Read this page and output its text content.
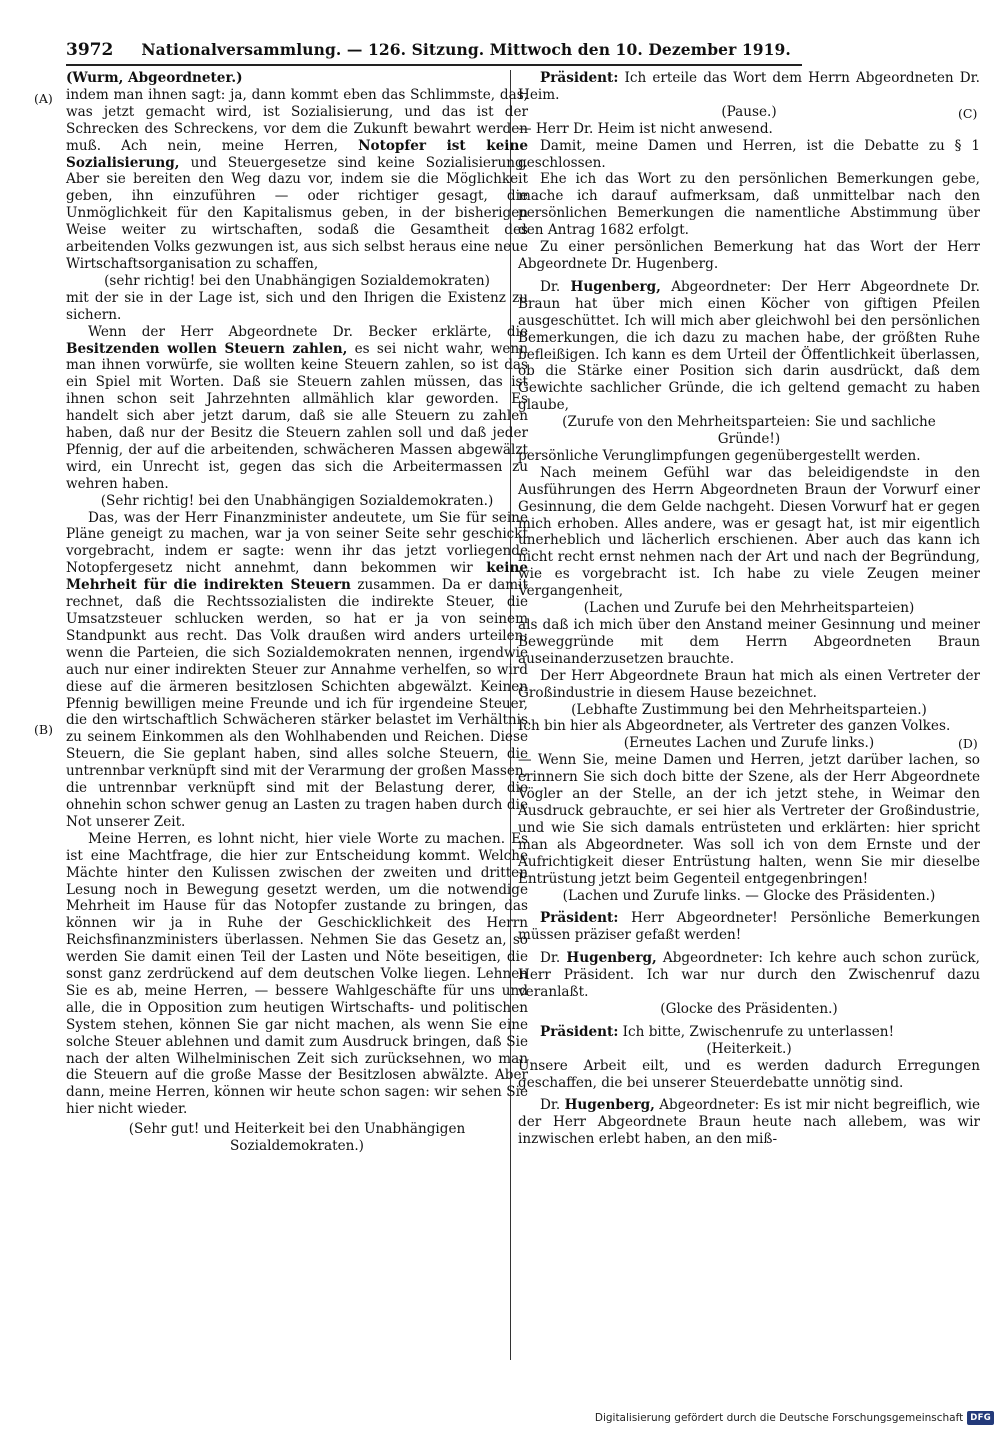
3972 Nationalversammlung. — 126. Sitzung. Mittwoch den 10. Dezember 1919.
(A)
(B)
(C)
(D)

(Wurm, Abgeordneter.)

indem man ihnen sagt: ja, dann kommt eben das Schlimmste, das, was jetzt gemacht wird, ist Sozialisierung, und das ist der Schrecken des Schreckens, vor dem die Zukunft bewahrt werden muß. Ach nein, meine Herren, Notopfer ist keine Sozialisierung, und Steuergesetze sind keine Sozialisierung. Aber sie bereiten den Weg dazu vor, indem sie die Möglichkeit geben, ihn einzuführen — oder richtiger gesagt, die Unmöglichkeit für den Kapitalismus geben, in der bisherigen Weise weiter zu wirtschaften, sodaß die Gesamtheit des arbeitenden Volks gezwungen ist, aus sich selbst heraus eine neue Wirtschaftsorganisation zu schaffen,

(sehr richtig! bei den Unabhängigen Sozialdemokraten)

mit der sie in der Lage ist, sich und den Ihrigen die Existenz zu sichern.

Wenn der Herr Abgeordnete Dr. Becker erklärte, die Besitzenden wollen Steuern zahlen, es sei nicht wahr, wenn man ihnen vorwürfe, sie wollten keine Steuern zahlen, so ist das ein Spiel mit Worten. Daß sie Steuern zahlen müssen, das ist ihnen schon seit Jahrzehnten allmählich klar geworden. Es handelt sich aber jetzt darum, daß sie alle Steuern zu zahlen haben, daß nur der Besitz die Steuern zahlen soll und daß jeder Pfennig, der auf die arbeitenden, schwächeren Massen abgewälzt wird, ein Unrecht ist, gegen das sich die Arbeitermassen zu wehren haben.

(Sehr richtig! bei den Unabhängigen Sozialdemokraten.)

Das, was der Herr Finanzminister andeutete, um Sie für seine Pläne geneigt zu machen, war ja von seiner Seite sehr geschickt vorgebracht, indem er sagte: wenn ihr das jetzt vorliegende Notopfergesetz nicht annehmt, dann bekommen wir keine Mehrheit für die indirekten Steuern zusammen. Da er damit rechnet, daß die Rechtssozialisten die indirekte Steuer, die Umsatzsteuer schlucken werden, so hat er ja von seinem Standpunkt aus recht. Das Volk draußen wird anders urteilen; wenn die Parteien, die sich Sozialdemokraten nennen, irgendwie auch nur einer indirekten Steuer zur Annahme verhelfen, so wird diese auf die ärmeren besitzlosen Schichten abgewälzt. Keinen Pfennig bewilligen meine Freunde und ich für irgendeine Steuer, die den wirtschaftlich Schwächeren stärker belastet im Verhältnis zu seinem Einkommen als den Wohlhabenden und Reichen. Diese Steuern, die Sie geplant haben, sind alles solche Steuern, die untrennbar verknüpft sind mit der Verarmung der großen Massen, die untrennbar verknüpft sind mit der Belastung derer, die ohnehin schon schwer genug an Lasten zu tragen haben durch die Not unserer Zeit.

Meine Herren, es lohnt nicht, hier viele Worte zu machen. Es ist eine Machtfrage, die hier zur Entscheidung kommt. Welche Mächte hinter den Kulissen zwischen der zweiten und dritten Lesung noch in Bewegung gesetzt werden, um die notwendige Mehrheit im Hause für das Notopfer zustande zu bringen, das können wir ja in Ruhe der Geschicklichkeit des Herrn Reichsfinanzministers überlassen. Nehmen Sie das Gesetz an, so werden Sie damit einen Teil der Lasten und Nöte beseitigen, die sonst ganz zerdrückend auf dem deutschen Volke liegen. Lehnen Sie es ab, meine Herren, — bessere Wahlgeschäfte für uns und alle, die in Opposition zum heutigen Wirtschafts- und politischen System stehen, können Sie gar nicht machen, als wenn Sie eine solche Steuer ablehnen und damit zum Ausdruck bringen, daß Sie nach der alten Wilhelminischen Zeit sich zurücksehnen, wo man die Steuern auf die große Masse der Besitzlosen abwälzte. Aber dann, meine Herren, können wir heute schon sagen: wir sehen Sie hier nicht wieder.

(Sehr gut! und Heiterkeit bei den Unabhängigen Sozialdemokraten.)

Präsident: Ich erteile das Wort dem Herrn Abgeordneten Dr. Heim.

(Pause.)

— Herr Dr. Heim ist nicht anwesend.

Damit, meine Damen und Herren, ist die Debatte zu § 1 geschlossen.

Ehe ich das Wort zu den persönlichen Bemerkungen gebe, mache ich darauf aufmerksam, daß unmittelbar nach den persönlichen Bemerkungen die namentliche Abstimmung über den Antrag 1682 erfolgt.

Zu einer persönlichen Bemerkung hat das Wort der Herr Abgeordnete Dr. Hugenberg.

Dr. Hugenberg, Abgeordneter: Der Herr Abgeordnete Dr. Braun hat über mich einen Köcher von giftigen Pfeilen ausgeschüttet. Ich will mich aber gleichwohl bei den persönlichen Bemerkungen, die ich dazu zu machen habe, der größten Ruhe befleißigen. Ich kann es dem Urteil der Öffentlichkeit überlassen, ob die Stärke einer Position sich darin ausdrückt, daß dem Gewichte sachlicher Gründe, die ich geltend gemacht zu haben glaube,

(Zurufe von den Mehrheitsparteien: Sie und sachliche Gründe!)

persönliche Verunglimpfungen gegenübergestellt werden.

Nach meinem Gefühl war das beleidigendste in den Ausführungen des Herrn Abgeordneten Braun der Vorwurf einer Gesinnung, die dem Gelde nachgeht. Diesen Vorwurf hat er gegen mich erhoben. Alles andere, was er gesagt hat, ist mir eigentlich unerheblich und lächerlich erschienen. Aber auch das kann ich nicht recht ernst nehmen nach der Art und nach der Begründung, wie es vorgebracht ist. Ich habe zu viele Zeugen meiner Vergangenheit,

(Lachen und Zurufe bei den Mehrheitsparteien)

als daß ich mich über den Anstand meiner Gesinnung und meiner Beweggründe mit dem Herrn Abgeordneten Braun auseinanderzusetzen brauchte.

Der Herr Abgeordnete Braun hat mich als einen Vertreter der Großindustrie in diesem Hause bezeichnet.

(Lebhafte Zustimmung bei den Mehrheitsparteien.)

Ich bin hier als Abgeordneter, als Vertreter des ganzen Volkes.

(Erneutes Lachen und Zurufe links.)

— Wenn Sie, meine Damen und Herren, jetzt darüber lachen, so erinnern Sie sich doch bitte der Szene, als der Herr Abgeordnete Vögler an der Stelle, an der ich jetzt stehe, in Weimar den Ausdruck gebrauchte, er sei hier als Vertreter der Großindustrie, und wie Sie sich damals entrüsteten und erklärten: hier spricht man als Abgeordneter. Was soll ich von dem Ernste und der Aufrichtigkeit dieser Entrüstung halten, wenn Sie mir dieselbe Entrüstung jetzt beim Gegenteil entgegenbringen!

(Lachen und Zurufe links. — Glocke des Präsidenten.)

Präsident: Herr Abgeordneter! Persönliche Bemerkungen müssen präziser gefaßt werden!

Dr. Hugenberg, Abgeordneter: Ich kehre auch schon zurück, Herr Präsident. Ich war nur durch den Zwischenruf dazu veranlaßt.

(Glocke des Präsidenten.)

Präsident: Ich bitte, Zwischenrufe zu unterlassen!

(Heiterkeit.)

Unsere Arbeit eilt, und es werden dadurch Erregungen geschaffen, die bei unserer Steuerdebatte unnötig sind.

Dr. Hugenberg, Abgeordneter: Es ist mir nicht begreiflich, wie der Herr Abgeordnete Braun heute nach allebem, was wir inzwischen erlebt haben, an den miß-

Digitalisierung gefördert durch die Deutsche Forschungsgemeinschaft DFG
